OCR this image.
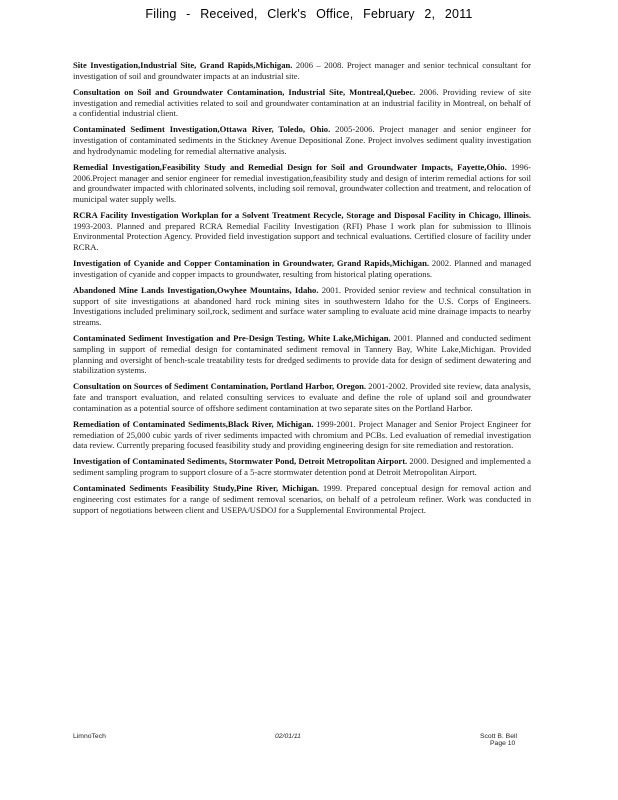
Filing - Received, Clerk's Office, February 2, 2011

Site Investigation,Industrial Site, Grand Rapids,Michigan. 2006 – 2008. Project manager and senior technical consultant for investigation of soil and groundwater impacts at an industrial site.

Consultation on Soil and Groundwater Contamination, Industrial Site, Montreal,Quebec. 2006. Providing review of site investigation and remedial activities related to soil and groundwater contamination at an industrial facility in Montreal, on behalf of a confidential industrial client.

Contaminated Sediment Investigation,Ottawa River, Toledo, Ohio. 2005-2006. Project manager and senior engineer for investigation of contaminated sediments in the Stickney Avenue Depositional Zone. Project involves sediment quality investigation and hydrodynamic modeling for remedial alternative analysis.

Remedial Investigation,Feasibility Study and Remedial Design for Soil and Groundwater Impacts, Fayette,Ohio. 1996-2006.Project manager and senior engineer for remedial investigation,feasibility study and design of interim remedial actions for soil and groundwater impacted with chlorinated solvents, including soil removal, groundwater collection and treatment, and relocation of municipal water supply wells.

RCRA Facility Investigation Workplan for a Solvent Treatment Recycle, Storage and Disposal Facility in Chicago, Illinois. 1993-2003. Planned and prepared RCRA Remedial Facility Investigation (RFI) Phase I work plan for submission to Illinois Environmental Protection Agency. Provided field investigation support and technical evaluations. Certified closure of facility under RCRA.

Investigation of Cyanide and Copper Contamination in Groundwater, Grand Rapids,Michigan. 2002. Planned and managed investigation of cyanide and copper impacts to groundwater, resulting from historical plating operations.

Abandoned Mine Lands Investigation,Owyhee Mountains, Idaho. 2001. Provided senior review and technical consultation in support of site investigations at abandoned hard rock mining sites in southwestern Idaho for the U.S. Corps of Engineers. Investigations included preliminary soil,rock, sediment and surface water sampling to evaluate acid mine drainage impacts to nearby streams.

Contaminated Sediment Investigation and Pre-Design Testing, White Lake,Michigan. 2001. Planned and conducted sediment sampling in support of remedial design for contaminated sediment removal in Tannery Bay, White Lake,Michigan. Provided planning and oversight of bench-scale treatability tests for dredged sediments to provide data for design of sediment dewatering and stabilization systems.

Consultation on Sources of Sediment Contamination, Portland Harbor, Oregon. 2001-2002. Provided site review, data analysis, fate and transport evaluation, and related consulting services to evaluate and define the role of upland soil and groundwater contamination as a potential source of offshore sediment contamination at two separate sites on the Portland Harbor.

Remediation of Contaminated Sediments,Black River, Michigan. 1999-2001. Project Manager and Senior Project Engineer for remediation of 25,000 cubic yards of river sediments impacted with chromium and PCBs. Led evaluation of remedial investigation data review. Currently preparing focused feasibility study and providing engineering design for site remediation and restoration.

Investigation of Contaminated Sediments, Stormwater Pond, Detroit Metropolitan Airport. 2000. Designed and implemented a sediment sampling program to support closure of a 5-acre stormwater detention pond at Detroit Metropolitan Airport.

Contaminated Sediments Feasibility Study,Pine River, Michigan. 1999. Prepared conceptual design for removal action and engineering cost estimates for a range of sediment removal scenarios, on behalf of a petroleum refiner. Work was conducted in support of negotiations between client and USEPA/USDOJ for a Supplemental Environmental Project.

LimnoTech	02/01/11	Scott B. Bell
Page 10
